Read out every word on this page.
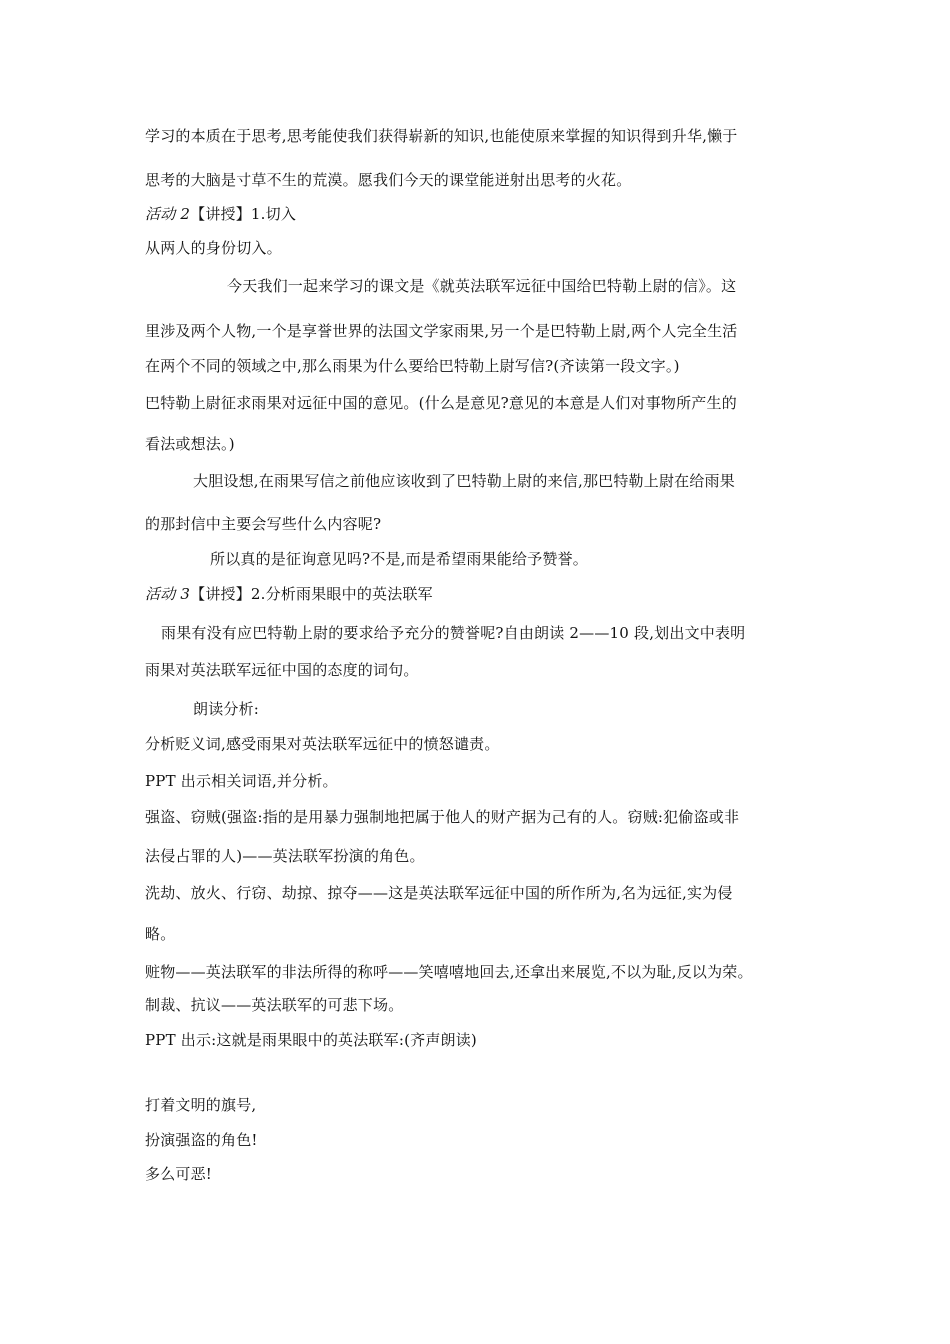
学习的本质在于思考,思考能使我们获得崭新的知识,也能使原来掌握的知识得到升华,懒于
思考的大脑是寸草不生的荒漠。愿我们今天的课堂能迸射出思考的火花。
活动 2【讲授】1.切入
从两人的身份切入。
今天我们一起来学习的课文是《就英法联军远征中国给巴特勒上尉的信》。这
里涉及两个人物,一个是享誉世界的法国文学家雨果,另一个是巴特勒上尉,两个人完全生活
在两个不同的领域之中,那么雨果为什么要给巴特勒上尉写信?(齐读第一段文字。)
巴特勒上尉征求雨果对远征中国的意见。(什么是意见?意见的本意是人们对事物所产生的
看法或想法。)
大胆设想,在雨果写信之前他应该收到了巴特勒上尉的来信,那巴特勒上尉在给雨果
的那封信中主要会写些什么内容呢?
所以真的是征询意见吗?不是,而是希望雨果能给予赞誉。
活动 3【讲授】2.分析雨果眼中的英法联军
雨果有没有应巴特勒上尉的要求给予充分的赞誉呢?自由朗读 2——10 段,划出文中表明
雨果对英法联军远征中国的态度的词句。
朗读分析:
分析贬义词,感受雨果对英法联军远征中的愤怒谴责。
PPT 出示相关词语,并分析。
强盗、窃贼(强盗:指的是用暴力强制地把属于他人的财产据为己有的人。窃贼:犯偷盗或非
法侵占罪的人)——英法联军扮演的角色。
洗劫、放火、行窃、劫掠、掠夺——这是英法联军远征中国的所作所为,名为远征,实为侵
略。
赃物——英法联军的非法所得的称呼——笑嘻嘻地回去,还拿出来展览,不以为耻,反以为荣。
制裁、抗议——英法联军的可悲下场。
PPT 出示:这就是雨果眼中的英法联军:(齐声朗读)
打着文明的旗号,
扮演强盗的角色!
多么可恶!
